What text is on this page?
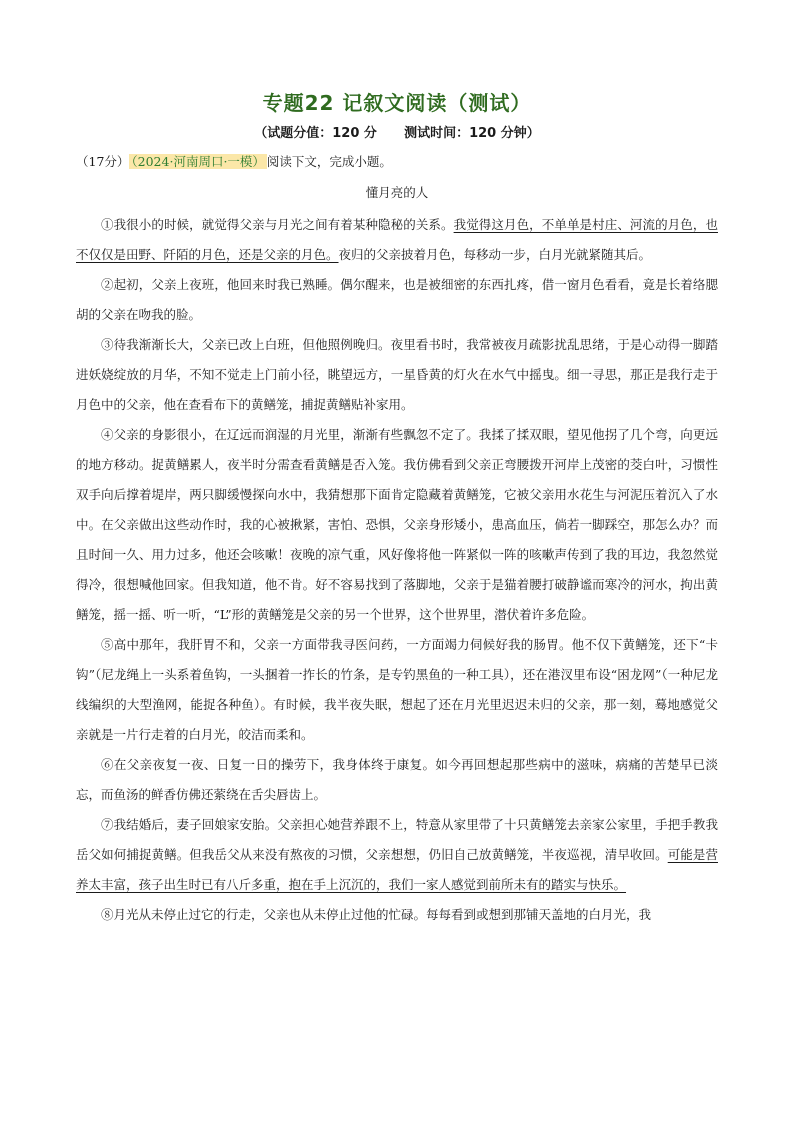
专题22 记叙文阅读（测试）
（试题分值：120 分      测试时间：120 分钟）
（17分） （2024·河南周口·一模） 阅读下文，完成小题。
懂月亮的人

①我很小的时候，就觉得父亲与月光之间有着某种隐秘的关系。我觉得这月色，不单单是村庄、河流的月色，也不仅仅是田野、阡陌的月色，还是父亲的月色。夜归的父亲披着月色，每移动一步，白月光就紧随其后。

②起初，父亲上夜班，他回来时我已熟睡。偶尔醒来，也是被细密的东西扎疼，借一窗月色看看，竟是长着络腮胡的父亲在吻我的脸。

③待我渐渐长大，父亲已改上白班，但他照例晚归。夜里看书时，我常被夜月疏影扰乱思绪，于是心动得一脚踏进妖娆绽放的月华，不知不觉走上门前小径，眺望远方，一星昏黄的灯火在水气中摇曳。细一寻思，那正是我行走于月色中的父亲，他在查看布下的黄鳝笼，捕捉黄鳝贴补家用。

④父亲的身影很小，在辽远而润湿的月光里，渐渐有些飘忽不定了。我揉了揉双眼，望见他拐了几个弯，向更远的地方移动。捉黄鳝累人，夜半时分需查看黄鳝是否入笼。我仿佛看到父亲正弯腰拨开河岸上茂密的茭白叶，习惯性双手向后撑着堤岸，两只脚缓慢探向水中，我猜想那下面肯定隐藏着黄鳝笼，它被父亲用水花生与河泥压着沉入了水中。在父亲做出这些动作时，我的心被揪紧，害怕、恐惧，父亲身形矮小，患高血压，倘若一脚踩空，那怎么办？而且时间一久、用力过多，他还会咳嗽！夜晚的凉气重，风好像将他一阵紧似一阵的咳嗽声传到了我的耳边，我忽然觉得冷，很想喊他回家。但我知道，他不肯。好不容易找到了落脚地，父亲于是猫着腰打破静谧而寒冷的河水，拘出黄鳝笼，摇一摇、听一听，“L”形的黄鳝笼是父亲的另一个世界，这个世界里，潜伏着许多危险。

⑤高中那年，我肝胃不和，父亲一方面带我寻医问药，一方面竭力伺候好我的肠胃。他不仅下黄鳝笼，还下“卡钩”（尼龙绳上一头系着鱼钩，一头捆着一拃长的竹条，是专钓黑鱼的一种工具），还在港汊里布设“困龙网”（一种尼龙线编织的大型渔网，能捉各种鱼）。有时候，我半夜失眠，想起了还在月光里迟迟未归的父亲，那一刻，蓦地感觉父亲就是一片行走着的白月光，皎洁而柔和。

⑥在父亲夜复一夜、日复一日的操劳下，我身体终于康复。如今再回想起那些病中的滋味，病痛的苦楚早已淡忘，而鱼汤的鲜香仿佛还萦绕在舌尖唇齿上。

⑦我结婚后，妻子回娘家安胎。父亲担心她营养跟不上，特意从家里带了十只黄鳝笼去亲家公家里，手把手教我岳父如何捕捉黄鳝。但我岳父从来没有熬夜的习惯，父亲想想，仍旧自己放黄鳝笼，半夜巡视，清早收回。可能是营养太丰富，孩子出生时已有八斤多重，抱在手上沉沉的，我们一家人感觉到前所未有的踏实与快乐。

⑧月光从未停止过它的行走，父亲也从未停止过他的忙碌。每每看到或想到那铺天盖地的白月光，我
